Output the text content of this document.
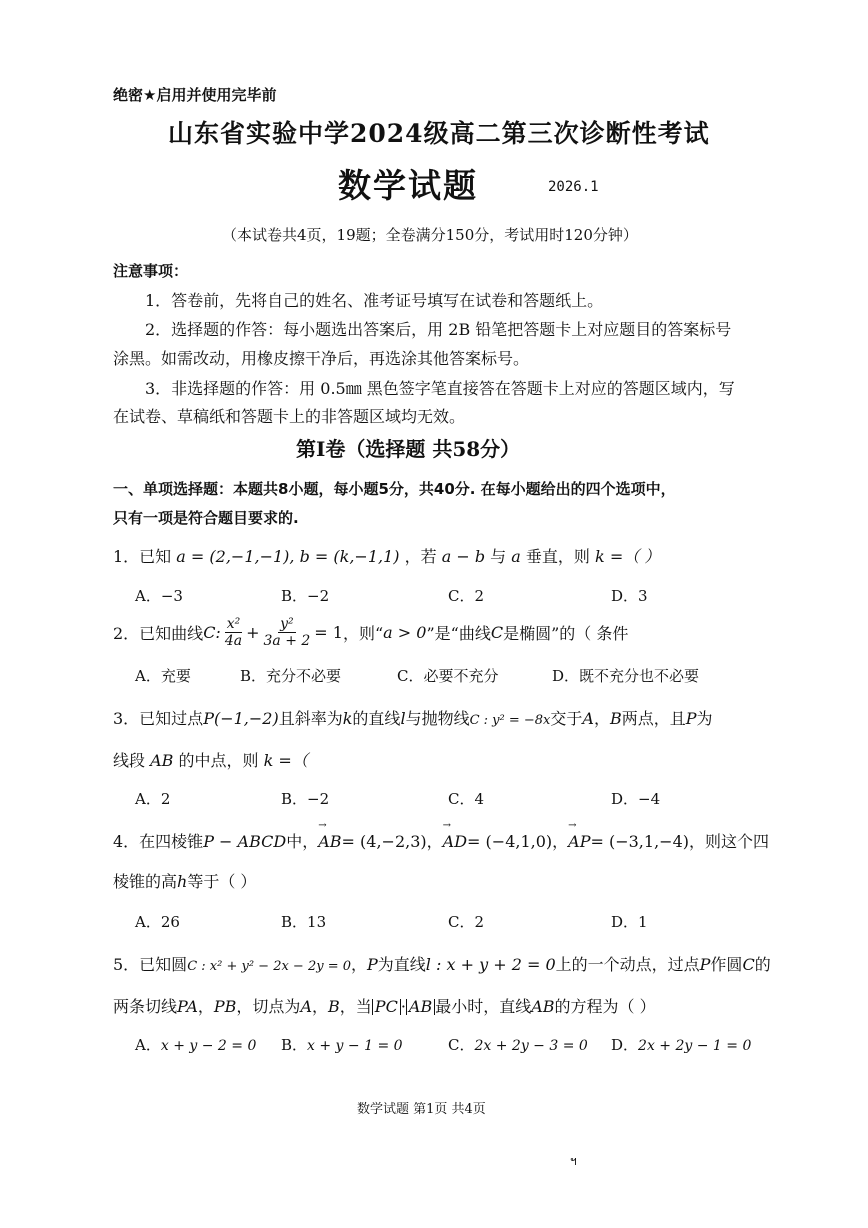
绝密★启用并使用完毕前
山东省实验中学2024级高二第三次诊断性考试
数学试题	2026.1
（本试卷共4页，19题；全卷满分150分，考试用时120分钟）
注意事项：
1．答卷前，先将自己的姓名、准考证号填写在试卷和答题纸上。
2．选择题的作答：每小题选出答案后，用 2B 铅笔把答题卡上对应题目的答案标号
涂黑。如需改动，用橡皮擦干净后，再选涂其他答案标号。
3．非选择题的作答：用 0.5㎜ 黑色签字笔直接答在答题卡上对应的答题区域内，写
在试卷、草稿纸和答题卡上的非答题区域均无效。
第Ⅰ卷（选择题 共58分）
一、单项选择题：本题共8小题，每小题5分，共40分. 在每小题给出的四个选项中，
只有一项是符合题目要求的.
1．已知 a = (2,−1,−1), b = (k,−1,1) ，若 a − b 与 a 垂直，则 k =（ ）
A．−3	B．−2	C．2	D．3
2．已知曲线 C: $\frac{\text{x²}}{4a} + \frac{\text{y²}}{3a + 2} = 1$ ，则“ a > 0 ”是“曲线 C 是椭圆”的（ 条件
A．充要	B．充分不必要	C．必要不充分	D．既不充分也不必要
3．已知过点P(−1,−2)且斜率为k的直线l与抛物线C : y² = −8x交于A，B两点，且P为
线段 AB 的中点，则 k =（
A．2	B．−2	C．4	D．−4
4．在四棱锥P − ABCD中，→ AB= (4,−2,3)，→ AD= (−4,1,0)，→ AP= (−3,1,−4)，则这个四
棱锥的高h等于（ ）
A．26	B．13	C．2	D．1
5．已知圆C : x² + y² − 2x − 2y = 0，P为直线l : x + y + 2 = 0上的一个动点，过点P作圆C的
两条切线PA，PB，切点为A，B，当 PC · AB 最小时，直线AB的方程为（ ）
A．x + y − 2 = 0 B．x + y − 1 = 0	C．2x + 2y − 3 = 0 D．2x + 2y − 1 = 0
数学试题 第1页 共4页
ฯ
